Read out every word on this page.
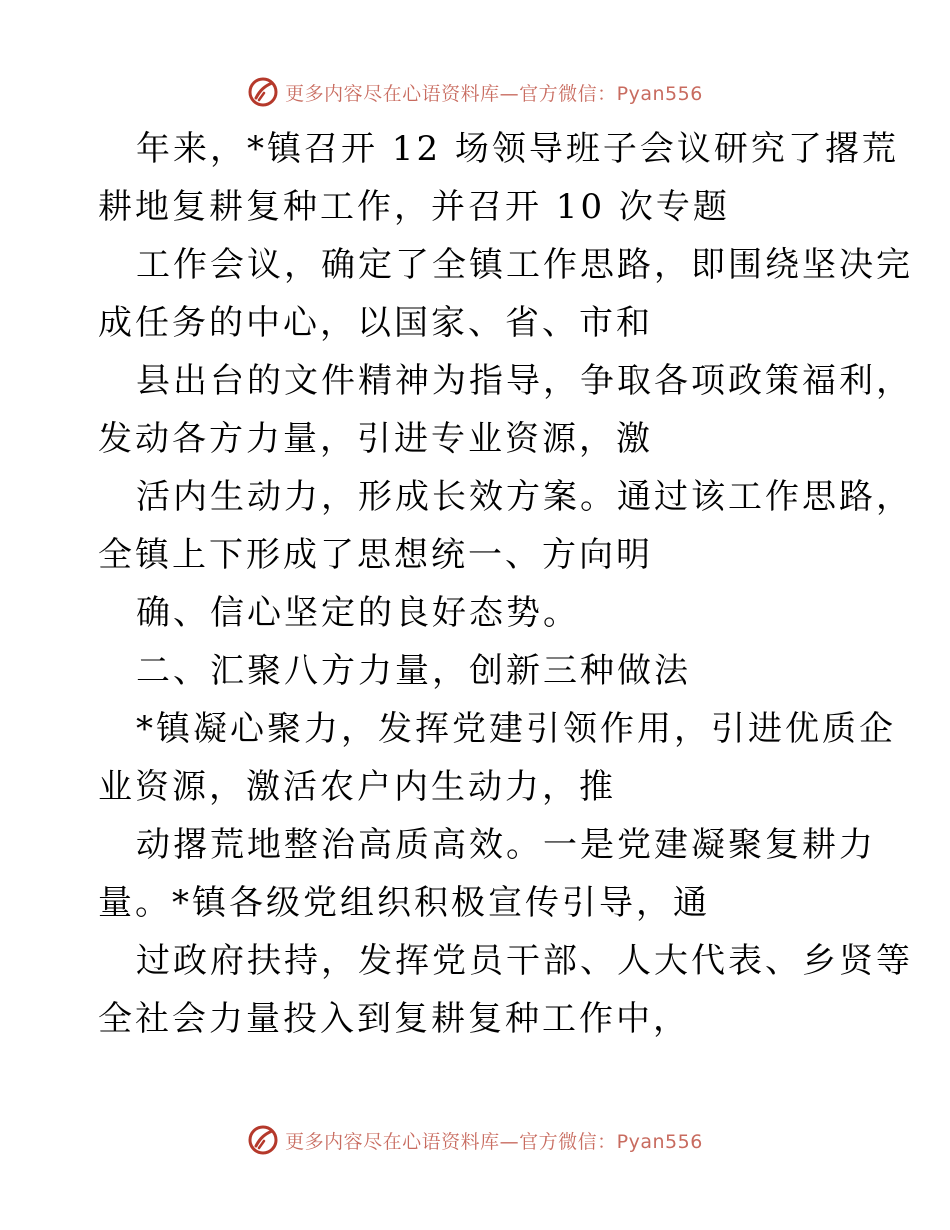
更多内容尽在心语资料库—官方微信：Pyan556
年来，*镇召开 12 场领导班子会议研究了撂荒
耕地复耕复种工作，并召开 10 次专题
工作会议，确定了全镇工作思路，即围绕坚决完
成任务的中心，以国家、省、市和
县出台的文件精神为指导，争取各项政策福利，
发动各方力量，引进专业资源，激
活内生动力，形成长效方案。通过该工作思路，
全镇上下形成了思想统一、方向明
确、信心坚定的良好态势。
二、汇聚八方力量，创新三种做法
*镇凝心聚力，发挥党建引领作用，引进优质企
业资源，激活农户内生动力，推
动撂荒地整治高质高效。一是党建凝聚复耕力
量。*镇各级党组织积极宣传引导，通
过政府扶持，发挥党员干部、人大代表、乡贤等
全社会力量投入到复耕复种工作中，
更多内容尽在心语资料库—官方微信：Pyan556
